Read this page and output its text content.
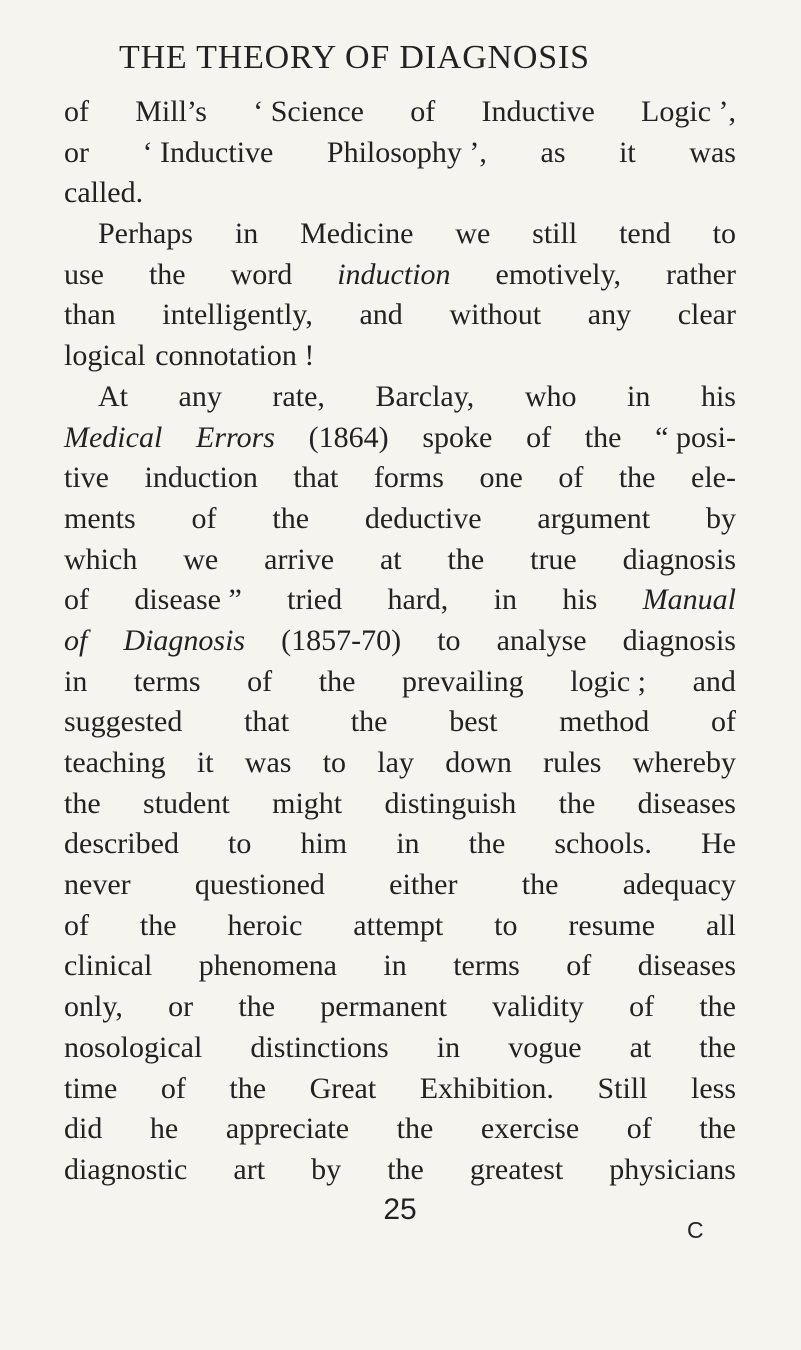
THE THEORY OF DIAGNOSIS
of Mill’s ‘ Science of Inductive Logic ’,
or ‘ Inductive Philosophy ’, as it was
called.
Perhaps in Medicine we still tend to
use the word induction emotively, rather
than intelligently, and without any clear
logical connotation !
At any rate, Barclay, who in his
Medical Errors (1864) spoke of the “ posi-
tive induction that forms one of the ele-
ments of the deductive argument by
which we arrive at the true diagnosis
of disease ” tried hard, in his Manual
of Diagnosis (1857-70) to analyse diagnosis
in terms of the prevailing logic ; and
suggested that the best method of
teaching it was to lay down rules whereby
the student might distinguish the diseases
described to him in the schools. He
never questioned either the adequacy
of the heroic attempt to resume all
clinical phenomena in terms of diseases
only, or the permanent validity of the
nosological distinctions in vogue at the
time of the Great Exhibition. Still less
did he appreciate the exercise of the
diagnostic art by the greatest physicians
25
C
